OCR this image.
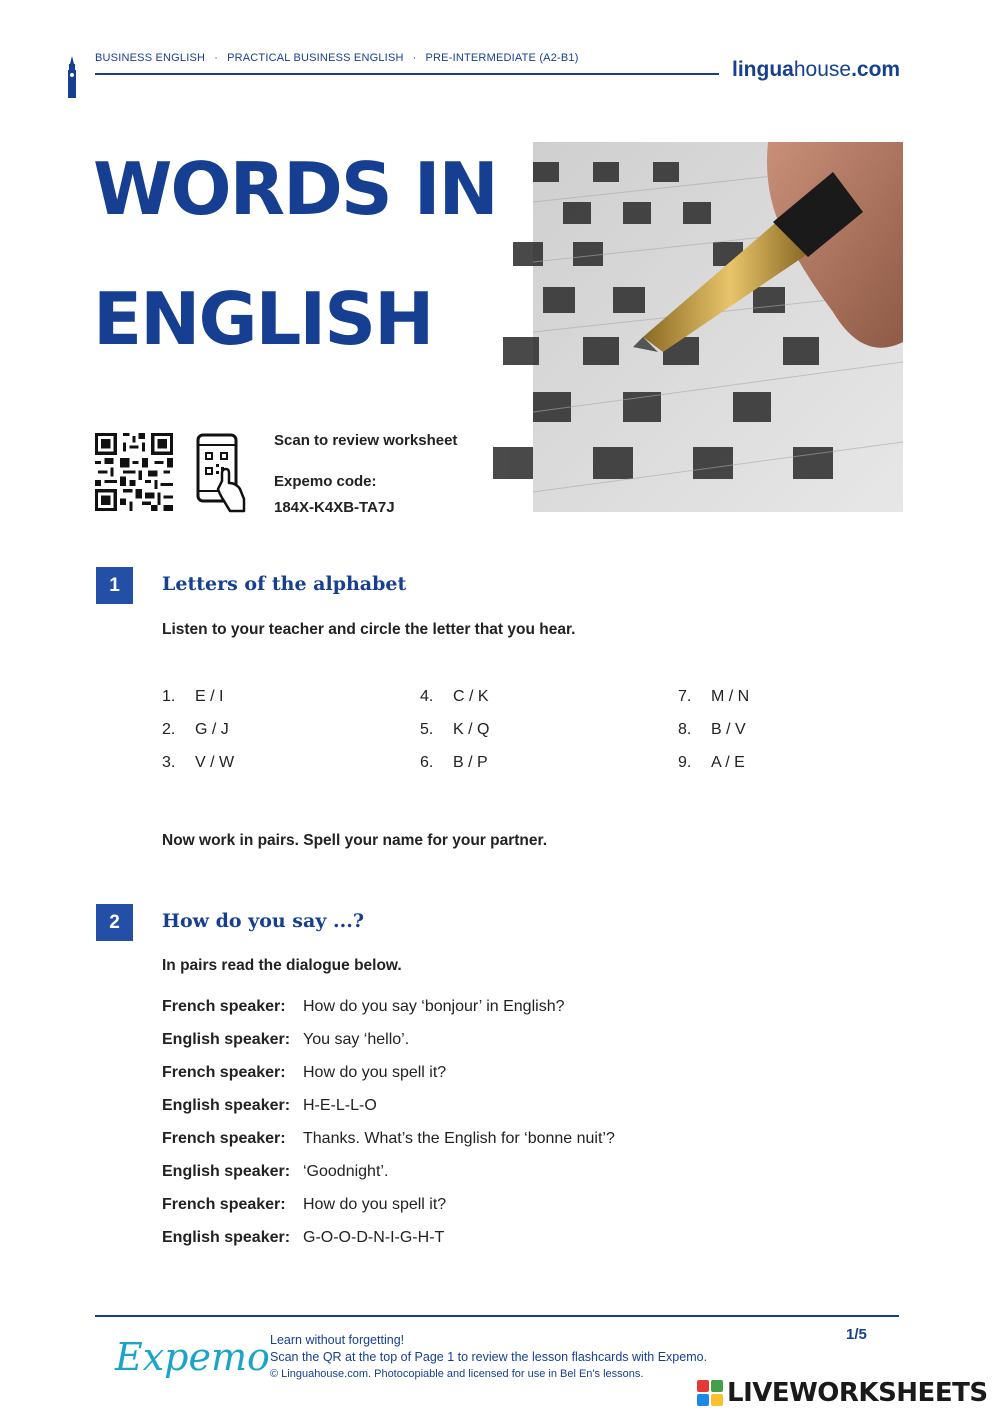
BUSINESS ENGLISH · PRACTICAL BUSINESS ENGLISH · PRE-INTERMEDIATE (A2-B1)	linguahouse.com
WORDS IN
ENGLISH
Scan to review worksheet
Expemo code:
184X-K4XB-TA7J
1	Letters of the alphabet
Listen to your teacher and circle the letter that you hear.
1.	E / I	4.	C / K	7.	M / N
2.	G / J	5.	K / Q	8.	B / V
3.	V / W	6.	B / P	9.	A / E
Now work in pairs. Spell your name for your partner.
2	How do you say ...?
In pairs read the dialogue below.
French speaker:	How do you say ‘bonjour’ in English?
English speaker: You say ‘hello’.
French speaker:	How do you spell it?
English speaker: H-E-L-L-O
French speaker:	Thanks. What’s the English for ‘bonne nuit’?
English speaker: ‘Goodnight’.
French speaker:	How do you spell it?
English speaker: G-O-O-D-N-I-G-H-T
Expemo Learn without forgetting!
Scan the QR at the top of Page 1 to review the lesson flashcards with Expemo.
© Linguahouse.com. Photocopiable and licensed for use in Bel En's lessons.
1/5
LIVEWORKSHEETS
